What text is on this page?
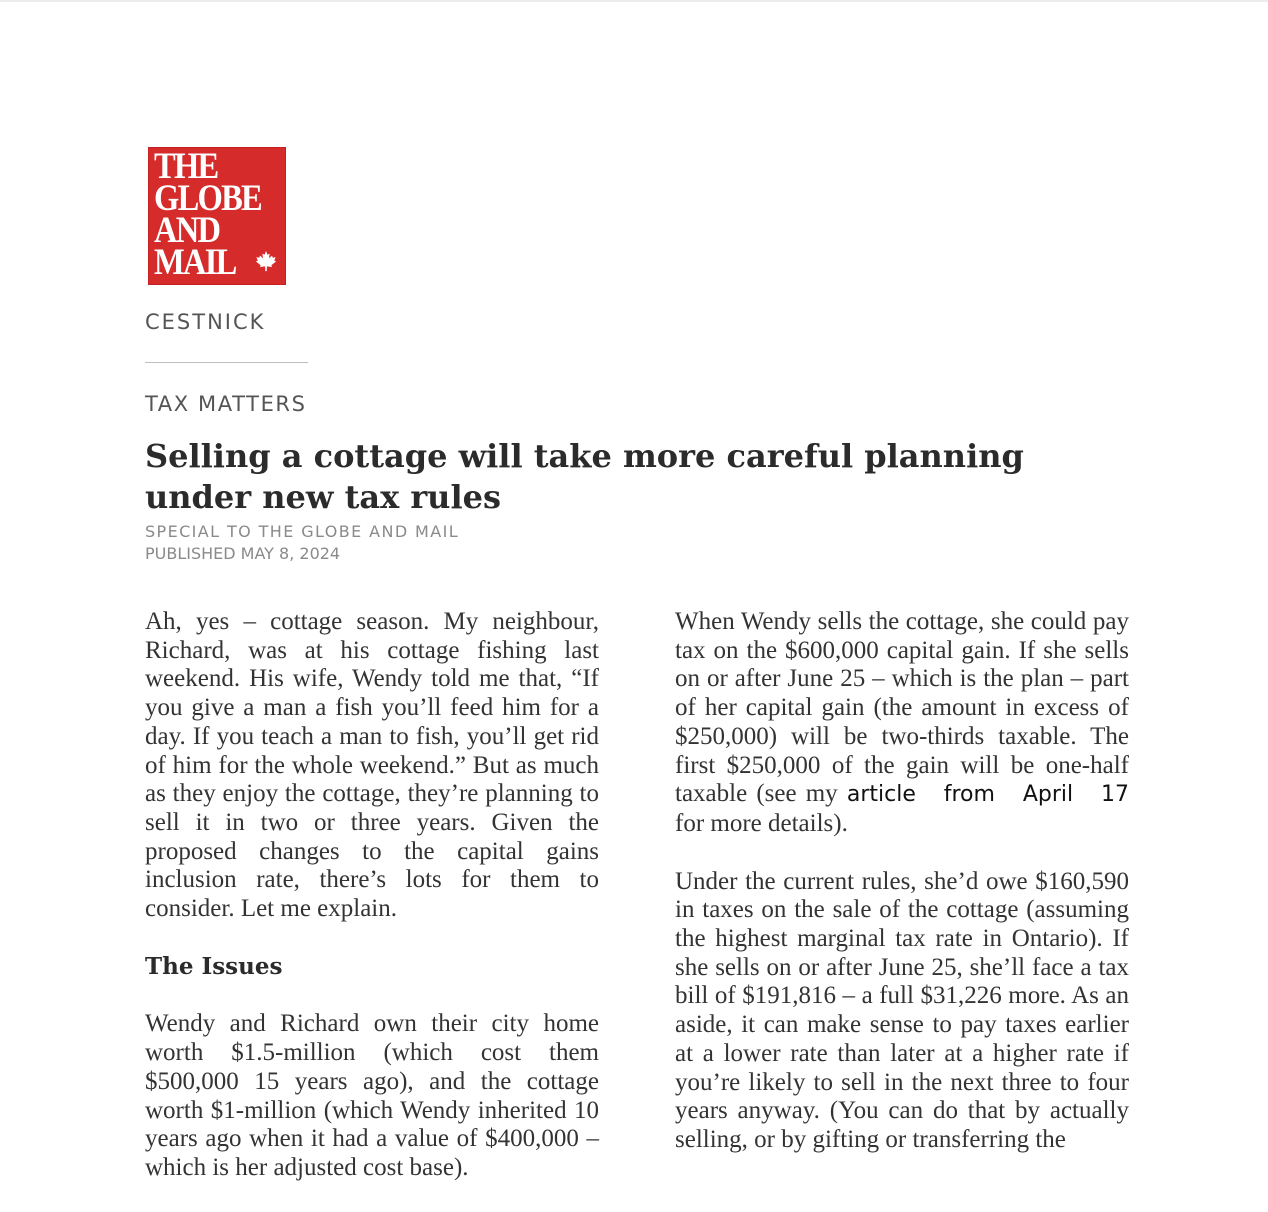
THE
GLOBE
AND
MAIL
CESTNICK
TAX MATTERS
Selling a cottage will take more careful planning under new tax rules
SPECIAL TO THE GLOBE AND MAIL
PUBLISHED MAY 8, 2024

Ah, yes – cottage season. My neighbour, Richard, was at his cottage fishing last weekend. His wife, Wendy told me that, “If you give a man a fish you’ll feed him for a day. If you teach a man to fish, you’ll get rid of him for the whole weekend.” But as much as they enjoy the cottage, they’re planning to sell it in two or three years. Given the proposed changes to the capital gains inclusion rate, there’s lots for them to consider. Let me explain.

The Issues

Wendy and Richard own their city home worth $1.5-million (which cost them $500,000 15 years ago), and the cottage worth $1-million (which Wendy inherited 10 years ago when it had a value of $400,000 – which is her adjusted cost base).

When Wendy sells the cottage, she could pay tax on the $600,000 capital gain. If she sells on or after June 25 – which is the plan – part of her capital gain (the amount in excess of $250,000) will be two-thirds taxable. The first $250,000 of the gain will be one-half taxable (see my article from April 17 for more details).

Under the current rules, she’d owe $160,590 in taxes on the sale of the cottage (assuming the highest marginal tax rate in Ontario). If she sells on or after June 25, she’ll face a tax bill of $191,816 – a full $31,226 more. As an aside, it can make sense to pay taxes earlier at a lower rate than later at a higher rate if you’re likely to sell in the next three to four years anyway. (You can do that by actually selling, or by gifting or transferring the
